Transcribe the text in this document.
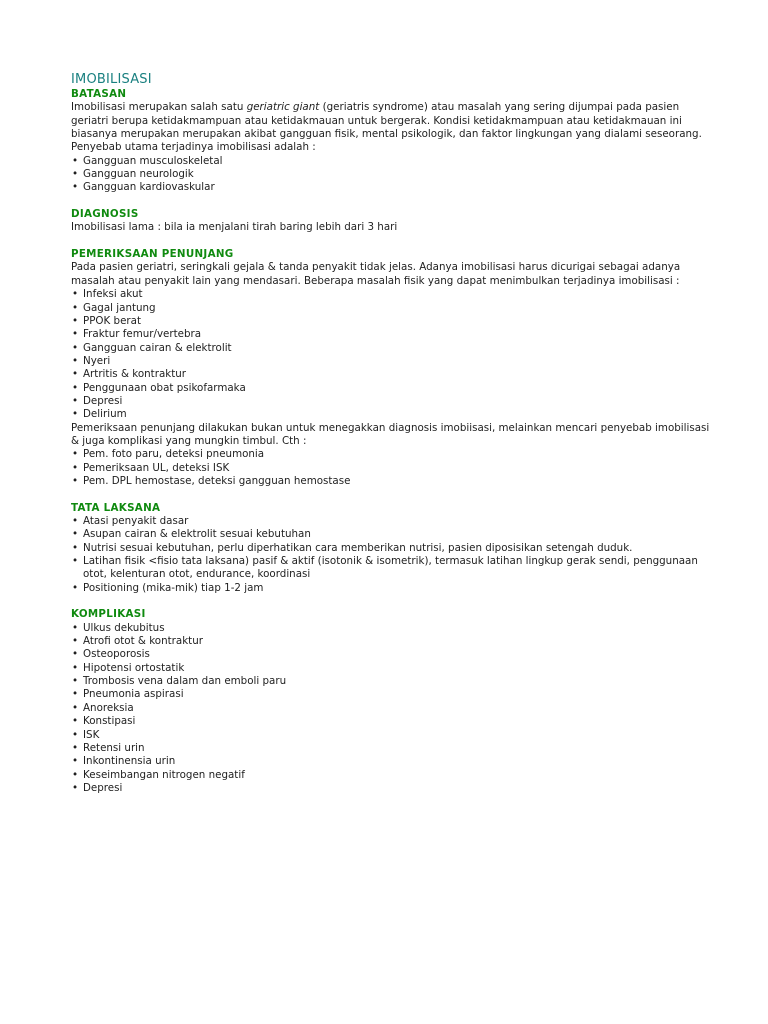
IMOBILISASI
BATASAN

Imobilisasi merupakan salah satu geriatric giant (geriatris syndrome) atau masalah yang sering dijumpai pada pasien geriatri berupa ketidakmampuan atau ketidakmauan untuk bergerak. Kondisi ketidakmampuan atau ketidakmauan ini biasanya merupakan merupakan akibat gangguan fisik, mental psikologik, dan faktor lingkungan yang dialami seseorang.

Penyebab utama terjadinya imobilisasi adalah :

• Gangguan musculoskeletal
• Gangguan neurologik
• Gangguan kardiovaskular
DIAGNOSIS

Imobilisasi lama : bila ia menjalani tirah baring lebih dari 3 hari

PEMERIKSAAN PENUNJANG

Pada pasien geriatri, seringkali gejala & tanda penyakit tidak jelas. Adanya imobilisasi harus dicurigai sebagai adanya masalah atau penyakit lain yang mendasari. Beberapa masalah fisik yang dapat menimbulkan terjadinya imobilisasi :

• Infeksi akut
• Gagal jantung
• PPOK berat
• Fraktur femur/vertebra
• Gangguan cairan & elektrolit
• Nyeri
• Artritis & kontraktur
• Penggunaan obat psikofarmaka
• Depresi
• Delirium

Pemeriksaan penunjang dilakukan bukan untuk menegakkan diagnosis imobiisasi, melainkan mencari penyebab imobilisasi & juga komplikasi yang mungkin timbul. Cth :

• Pem. foto paru, deteksi pneumonia
• Pemeriksaan UL, deteksi ISK
• Pem. DPL hemostase, deteksi gangguan hemostase
TATA LAKSANA
• Atasi penyakit dasar
• Asupan cairan & elektrolit sesuai kebutuhan
• Nutrisi sesuai kebutuhan, perlu diperhatikan cara memberikan nutrisi, pasien diposisikan setengah duduk.
• Latihan fisik <fisio tata laksana) pasif & aktif (isotonik & isometrik), termasuk latihan lingkup gerak sendi, penggunaan otot, kelenturan otot, endurance, koordinasi
• Positioning (mika-mik) tiap 1-2 jam
KOMPLIKASI
• Ulkus dekubitus
• Atrofi otot & kontraktur
• Osteoporosis
• Hipotensi ortostatik
• Trombosis vena dalam dan emboli paru
• Pneumonia aspirasi
• Anoreksia
• Konstipasi
• ISK
• Retensi urin
• Inkontinensia urin
• Keseimbangan nitrogen negatif
• Depresi
